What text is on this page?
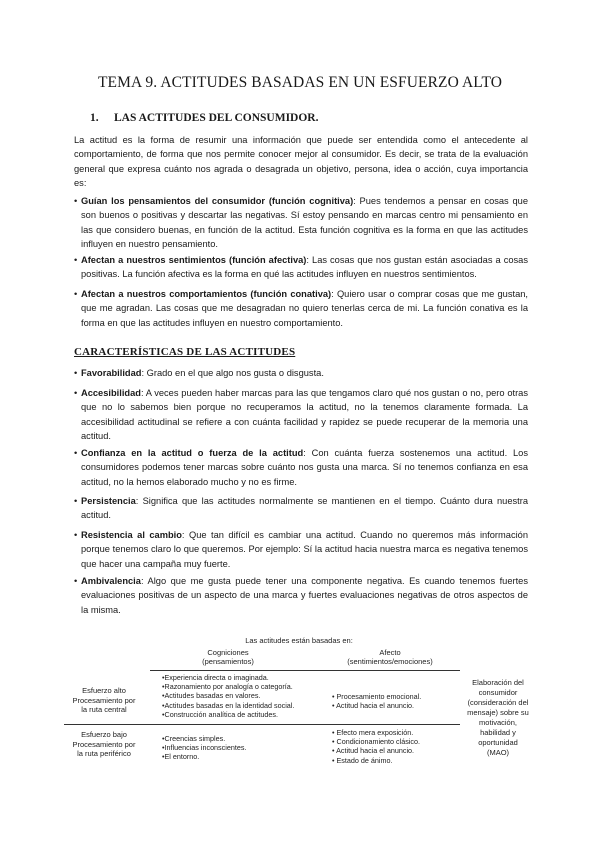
TEMA 9. ACTITUDES BASADAS EN UN ESFUERZO ALTO
1. LAS ACTITUDES DEL CONSUMIDOR.

La actitud es la forma de resumir una información que puede ser entendida como el antecedente al comportamiento, de forma que nos permite conocer mejor al consumidor. Es decir, se trata de la evaluación general que expresa cuánto nos agrada o desagrada un objetivo, persona, idea o acción, cuya importancia es:

• Guían los pensamientos del consumidor (función cognitiva): Pues tendemos a pensar en cosas que son buenos o positivas y descartar las negativas. Sí estoy pensando en marcas centro mi pensamiento en las que considero buenas, en función de la actitud. Esta función cognitiva es la forma en que las actitudes influyen en nuestro pensamiento.

• Afectan a nuestros sentimientos (función afectiva): Las cosas que nos gustan están asociadas a cosas positivas. La función afectiva es la forma en qué las actitudes influyen en nuestros sentimientos.

• Afectan a nuestros comportamientos (función conativa): Quiero usar o comprar cosas que me gustan, que me agradan. Las cosas que me desagradan no quiero tenerlas cerca de mi. La función conativa es la forma en que las actitudes influyen en nuestro comportamiento.

CARACTERÍSTICAS DE LAS ACTITUDES

• Favorabilidad: Grado en el que algo nos gusta o disgusta.

• Accesibilidad: A veces pueden haber marcas para las que tengamos claro qué nos gustan o no, pero otras que no lo sabemos bien porque no recuperamos la actitud, no la tenemos claramente formada. La accesibilidad actitudinal se refiere a con cuánta facilidad y rapidez se puede recuperar de la memoria una actitud.

• Confianza en la actitud o fuerza de la actitud: Con cuánta fuerza sostenemos una actitud. Los consumidores podemos tener marcas sobre cuánto nos gusta una marca. Sí no tenemos confianza en esa actitud, no la hemos elaborado mucho y no es firme.

• Persistencia: Significa que las actitudes normalmente se mantienen en el tiempo. Cuánto dura nuestra actitud.

• Resistencia al cambio: Que tan difícil es cambiar una actitud. Cuando no queremos más información porque tenemos claro lo que queremos. Por ejemplo: Sí la actitud hacia nuestra marca es negativa tenemos que hacer una campaña muy fuerte.

• Ambivalencia: Algo que me gusta puede tener una componente negativa. Es cuando tenemos fuertes evaluaciones positivas de un aspecto de una marca y fuertes evaluaciones negativas de otros aspectos de la misma.

Las actitudes están basadas en:
Cogniciones
(pensamientos)
Afecto
(sentimientos/emociones)
Esfuerzo alto
Procesamiento por
la ruta central
•Experiencia directa o imaginada.
•Razonamiento por analogía o categoría.
•Actitudes basadas en valores.
•Actitudes basadas en la identidad social.
•Construcción analítica de actitudes.
• Procesamiento emocional.
• Actitud hacia el anuncio.
Esfuerzo bajo
Procesamiento por
la ruta periférico
•Creencias simples.
•Influencias inconscientes.
•El entorno.
• Efecto mera exposición.
• Condicionamiento clásico.
• Actitud hacia el anuncio.
• Estado de ánimo.
Elaboración del
consumidor
(consideración del
mensaje) sobre su
motivación,
habilidad y
oportunidad
(MAO)
